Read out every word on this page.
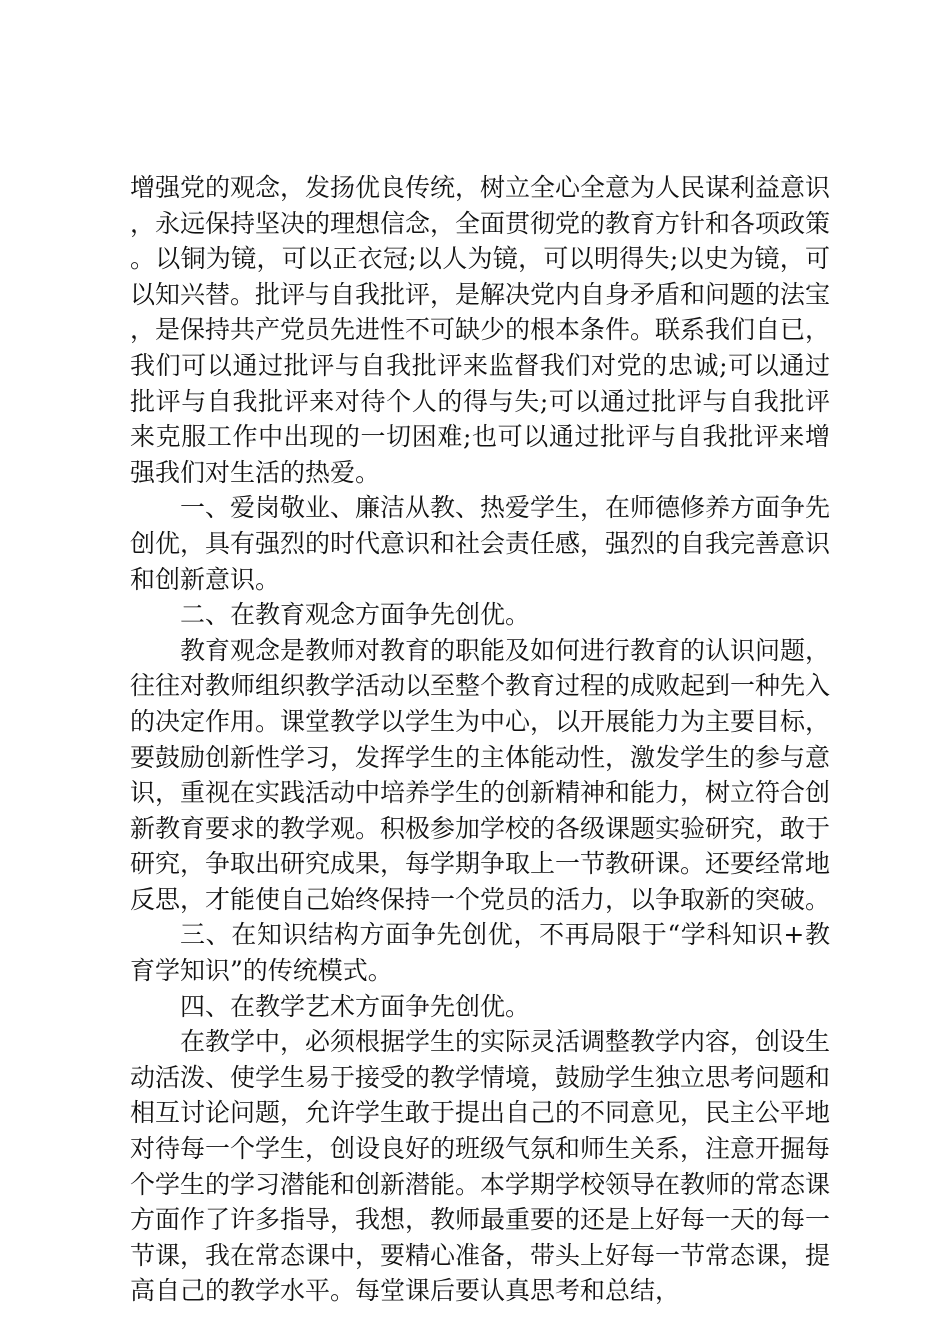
增强党的观念，发扬优良传统，树立全心全意为人民谋利益意识，永远保持坚决的理想信念，全面贯彻党的教育方针和各项政策。以铜为镜，可以正衣冠;以人为镜，可以明得失;以史为镜，可以知兴替。批评与自我批评，是解决党内自身矛盾和问题的法宝，是保持共产党员先进性不可缺少的根本条件。联系我们自已，我们可以通过批评与自我批评来监督我们对党的忠诚;可以通过批评与自我批评来对待个人的得与失;可以通过批评与自我批评来克服工作中出现的一切困难;也可以通过批评与自我批评来增强我们对生活的热爱。

一、爱岗敬业、廉洁从教、热爱学生，在师德修养方面争先创优，具有强烈的时代意识和社会责任感，强烈的自我完善意识和创新意识。

二、在教育观念方面争先创优。

教育观念是教师对教育的职能及如何进行教育的认识问题，往往对教师组织教学活动以至整个教育过程的成败起到一种先入的决定作用。课堂教学以学生为中心，以开展能力为主要目标，要鼓励创新性学习，发挥学生的主体能动性，激发学生的参与意识，重视在实践活动中培养学生的创新精神和能力，树立符合创新教育要求的教学观。积极参加学校的各级课题实验研究，敢于研究，争取出研究成果，每学期争取上一节教研课。还要经常地反思，才能使自己始终保持一个党员的活力，以争取新的突破。

三、在知识结构方面争先创优，不再局限于“学科知识+教育学知识”的传统模式。

四、在教学艺术方面争先创优。

在教学中，必须根据学生的实际灵活调整教学内容，创设生动活泼、使学生易于接受的教学情境，鼓励学生独立思考问题和相互讨论问题，允许学生敢于提出自己的不同意见，民主公平地对待每一个学生，创设良好的班级气氛和师生关系，注意开掘每个学生的学习潜能和创新潜能。本学期学校领导在教师的常态课方面作了许多指导，我想，教师最重要的还是上好每一天的每一节课，我在常态课中，要精心准备，带头上好每一节常态课，提高自己的教学水平。每堂课后要认真思考和总结，
